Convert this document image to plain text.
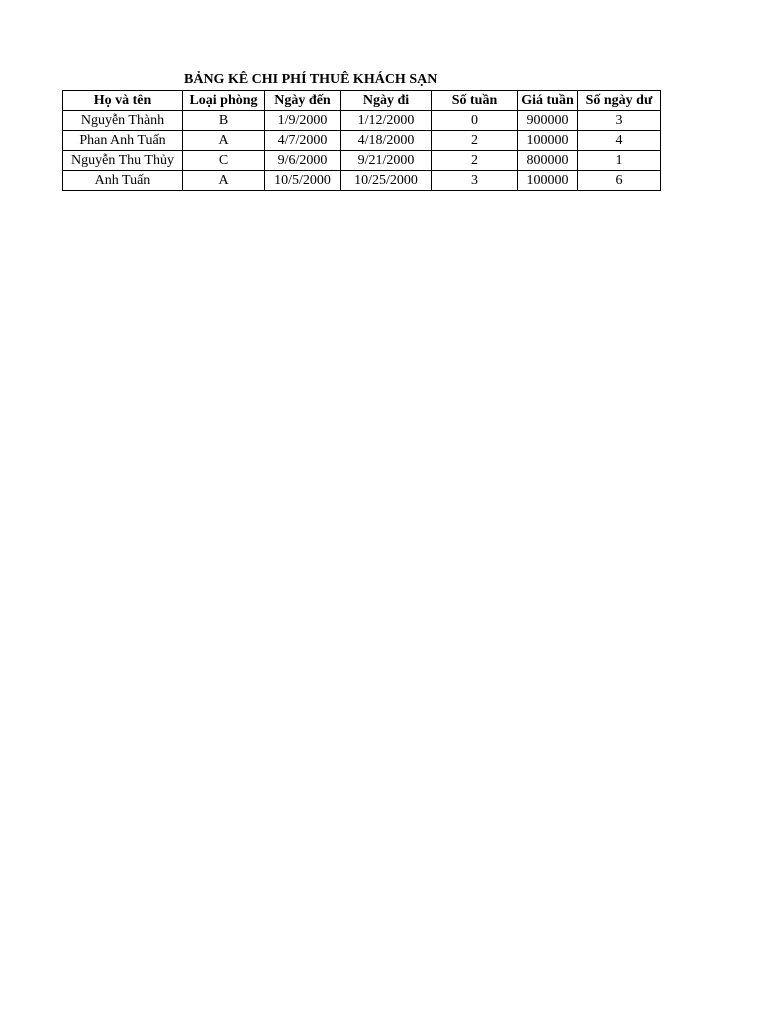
BẢNG KÊ CHI PHÍ THUÊ KHÁCH SẠN
Họ và tên	Loại phòng	Ngày đến	Ngày đi	Số tuần	Giá tuần	Số ngày dư
Nguyễn Thành	B	1/9/2000	1/12/2000	0	900000	3
Phan Anh Tuấn	A	4/7/2000	4/18/2000	2	100000	4
Nguyễn Thu Thủy	C	9/6/2000	9/21/2000	2	800000	1
Anh Tuấn	A	10/5/2000	10/25/2000	3	100000	6
